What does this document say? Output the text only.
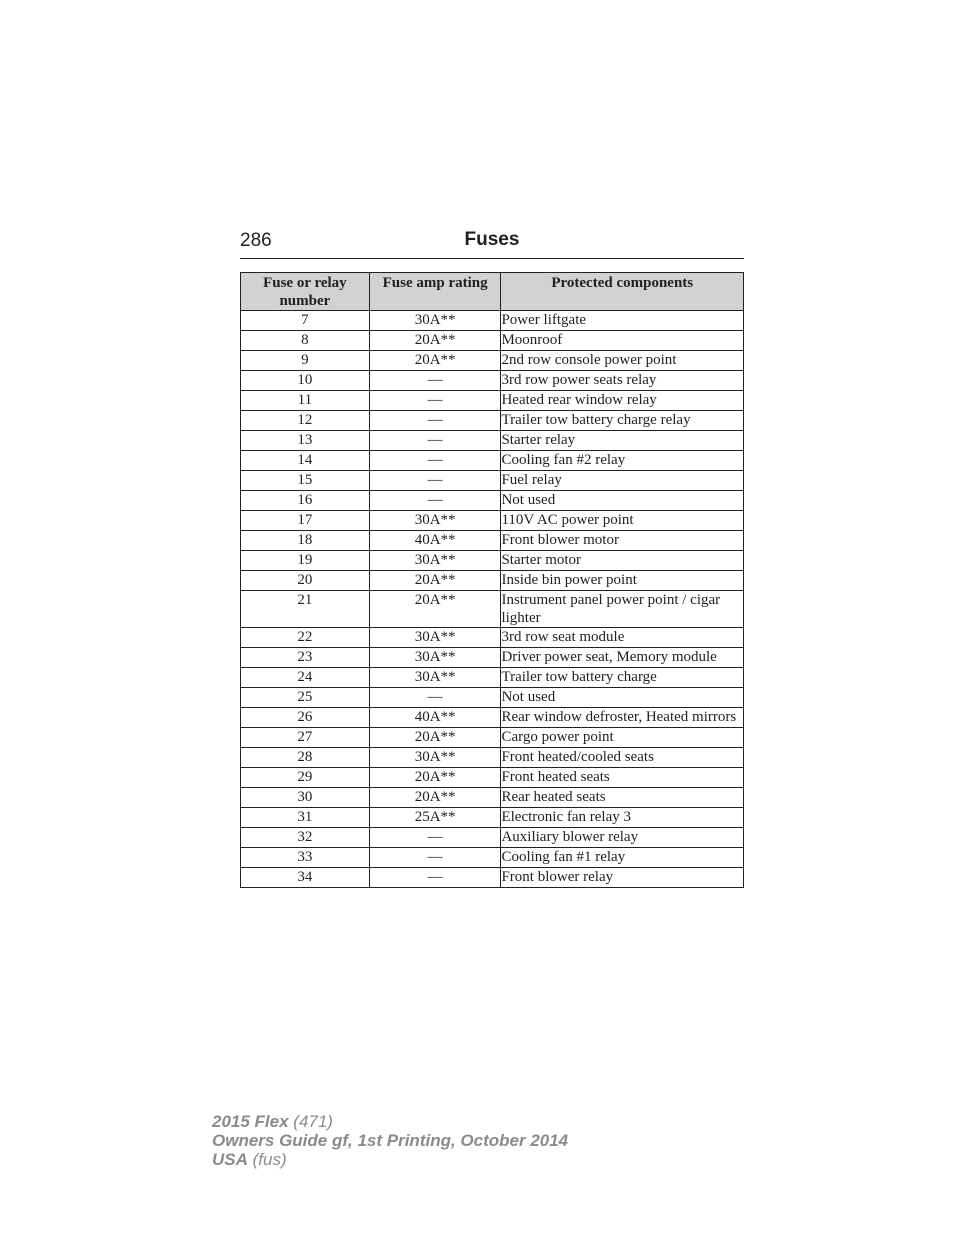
286	Fuses
Fuse or relay number	Fuse amp rating	Protected components
7	30A**	Power liftgate
8	20A**	Moonroof
9	20A**	2nd row console power point
10	—	3rd row power seats relay
11	—	Heated rear window relay
12	—	Trailer tow battery charge relay
13	—	Starter relay
14	—	Cooling fan #2 relay
15	—	Fuel relay
16	—	Not used
17	30A**	110V AC power point
18	40A**	Front blower motor
19	30A**	Starter motor
20	20A**	Inside bin power point
21	20A**	Instrument panel power point / cigar lighter
22	30A**	3rd row seat module
23	30A**	Driver power seat, Memory module
24	30A**	Trailer tow battery charge
25	—	Not used
26	40A**	Rear window defroster, Heated mirrors
27	20A**	Cargo power point
28	30A**	Front heated/cooled seats
29	20A**	Front heated seats
30	20A**	Rear heated seats
31	25A**	Electronic fan relay 3
32	—	Auxiliary blower relay
33	—	Cooling fan #1 relay
34	—	Front blower relay
2015 Flex (471)
Owners Guide gf, 1st Printing, October 2014
USA (fus)
